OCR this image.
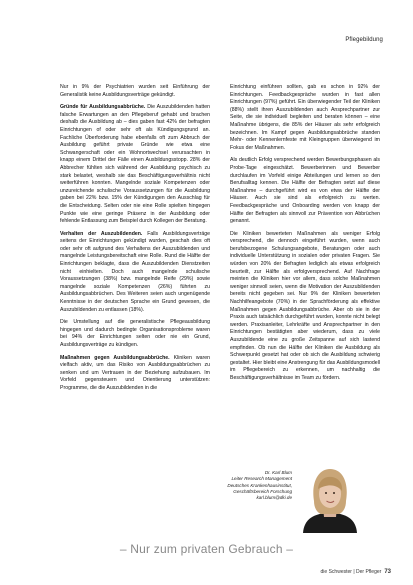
Pflegebildung

Nur in 9% der Psychiatrien wurden seit Einführung der Generalistik keine Ausbildungsverträge gekündigt.

Gründe für Ausbildungsabbrüche. Die Auszubildenden hatten falsche Erwartungen an den Pflegeberuf gehabt und brachen deshalb die Ausbildung ab – dies gaben fast 42% der befragten Einrichtungen of oder sehr oft als Kündigungsgrund an. Fachliche Überforderung habe ebenfalls oft zum Abbruch der Ausbildung geführt private Gründe wie etwa eine Schwangerschaft oder ein Wohnortwechsel verursachten in knapp einem Drittel der Fälle einen Ausbildungsstopp. 28% der Abbrecher fühlten sich während der Ausbildung psychisch zu stark belastet, weshalb sie das Beschäftigungsverhältnis nicht weiterführen konnten. Mangelnde soziale Kompetenzen oder unzureichende schulische Voraussetzungen für die Ausbildung gaben bei 22% bzw. 15% der Kündigungen den Ausschlag für die Entscheidung. Selten oder nie eine Rolle spielten hingegen Punkte wie eine geringe Präsenz in der Ausbildung oder fehlende Entlassung zum Beispiel durch Kollegen der Beratung.

Verhalten der Auszubildenden. Falls Ausbildungsverträge seitens der Einrichtungen gekündigt wurden, geschah dies oft oder sehr oft aufgrund des Verhaltens der Auszubildenden und mangelnde Leistungsbereitschaft eine Rolle. Rund die Hälfte der Einrichtungen beklagte, dass die Auszubildenden Dienstzeiten nicht einhielten. Doch auch mangelnde schulische Voraussetzungen (38%) bzw. mangelnde Reife (29%) sowie mangelnde soziale Kompetenzen (26%) führten zu Ausbildungsabbrüchen. Des Weiteren seien auch ungenügende Kenntnisse in der deutschen Sprache ein Grund gewesen, die Auszubildenden zu entlassen (18%).

Die Umstellung auf die generalistische Pflegeausbildung hingegen und dadurch bedingte Organisationsprobleme waren bei 94% der Einrichtungen selten oder nie ein Grund, Ausbildungsverträge zu kündigen.

Maßnahmen gegen Ausbildungsabbrüche. Kliniken waren vielfach aktiv, um das Risiko von Ausbildungsabbrüchen zu senken und um Vertrauen in der Beziehung aufzubauen. Im Vorfeld gegensteuern und Orientierung unterstützen: Programme, die die Auszubildenden in die

Einrichtung einführen sollten, gab es schon in 92% der Einrichtungen. Feedbackgespräche wurden in fast allen Einrichtungen (97%) geführt. Ein überwiegender Teil der Kliniken (88%) stellt ihren Auszubildenden auch Ansprechpartner zur Seite, die sie individuell begleiten und beraten können – eine Maßnahme übrigens, die 85% der Häuser als sehr erfolgreich bezeichnen. Im Kampf gegen Ausbildungsabbrüche standen Mehr- oder Kennenlernfeste mit Kleingruppen überwiegend im Fokus der Maßnahmen.

Als deutlich Erfolg versprechend werden Bewerbungsphasen als Probe-Tage eingeschätzt. Bewerberinnen und Bewerber durchlaufen im Vorfeld einige Abteilungen und lernen so den Berufsalltag kennen. Die Hälfte der Befragten setzt auf diese Maßnahme – durchgeführt wird es von etwa der Hälfte der Häuser. Auch sie sind als erfolgreich zu werten. Feedbackgespräche und Onboarding werden von knapp der Hälfte der Befragten als sinnvoll zur Prävention von Abbrüchen genannt.

Die Kliniken bewerteten Maßnahmen als weniger Erfolg versprechend, die dennoch eingeführt wurden, wenn auch berufsbezogene Schulungsangebote, Beratungen oder auch individuelle Unterstützung in sozialen oder privaten Fragen. Sie würden von 20% der Befragten lediglich als etwas erfolgreich beurteilt, zur Hälfte als erfolgversprechend. Auf Nachfrage meinten die Kliniken hier vor allem, dass solche Maßnahmen weniger sinnvoll seien, wenn die Motivation der Auszubildenden bereits nicht gegeben sei. Nur 9% der Kliniken bewerteten Nachhilfeangebote (70%) in der Sprachförderung als effektive Maßnahmen gegen Ausbildungsabbrüche. Aber ob sie in der Praxis auch tatsächlich durchgeführt wurden, konnte nicht belegt werden. Praxisanleiter, Lehrkräfte und Ansprechpartner in den Einrichtungen bestätigten aber wiederum, dass zu viele Auszubildende eine zu große Zeitspanne auf sich lastend empfinden. Ob nun die Hälfte der Kliniken die Ausbildung als Schwerpunkt gesetzt hat oder ob sich die Ausbildung schwierig gestaltet. Hier bleibt eine Anstrengung für das Ausbildungsmodell im Pflegebereich zu erkennen, um nachhaltig die Beschäftigungsverhältnisse im Team zu fördern.

Dr. Karl Blum
Leiter Research Management
Deutsches Krankenhausinstitut,
Geschäftsbereich Forschung
karl.blum@dki.de
– Nur zum privaten Gebrauch –
die Schwester | Der Pfleger 73
